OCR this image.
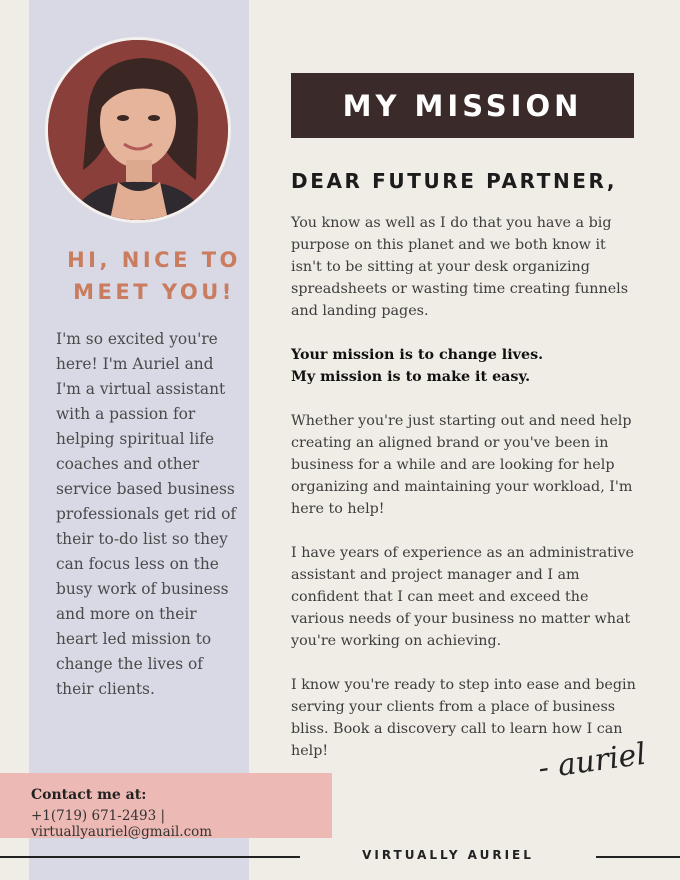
HI, NICE TO MEET YOU!

I'm so excited you're here! I'm Auriel and I'm a virtual assistant with a passion for helping spiritual life coaches and other service based business professionals get rid of their to-do list so they can focus less on the busy work of business and more on their heart led mission to change the lives of their clients.

MY MISSION
DEAR FUTURE PARTNER,

You know as well as I do that you have a big purpose on this planet and we both know it isn't to be sitting at your desk organizing spreadsheets or wasting time creating funnels and landing pages.

Your mission is to change lives.
My mission is to make it easy.

Whether you're just starting out and need help creating an aligned brand or you've been in business for a while and are looking for help organizing and maintaining your workload, I'm here to help!

I have years of experience as an administrative assistant and project manager and I am confident that I can meet and exceed the various needs of your business no matter what you're working on achieving.

I know you're ready to step into ease and begin serving your clients from a place of business bliss. Book a discovery call to learn how I can help!	- auriel

Contact me at:

+1(719) 671-2493 | virtuallyauriel@gmail.com

VIRTUALLY AURIEL
